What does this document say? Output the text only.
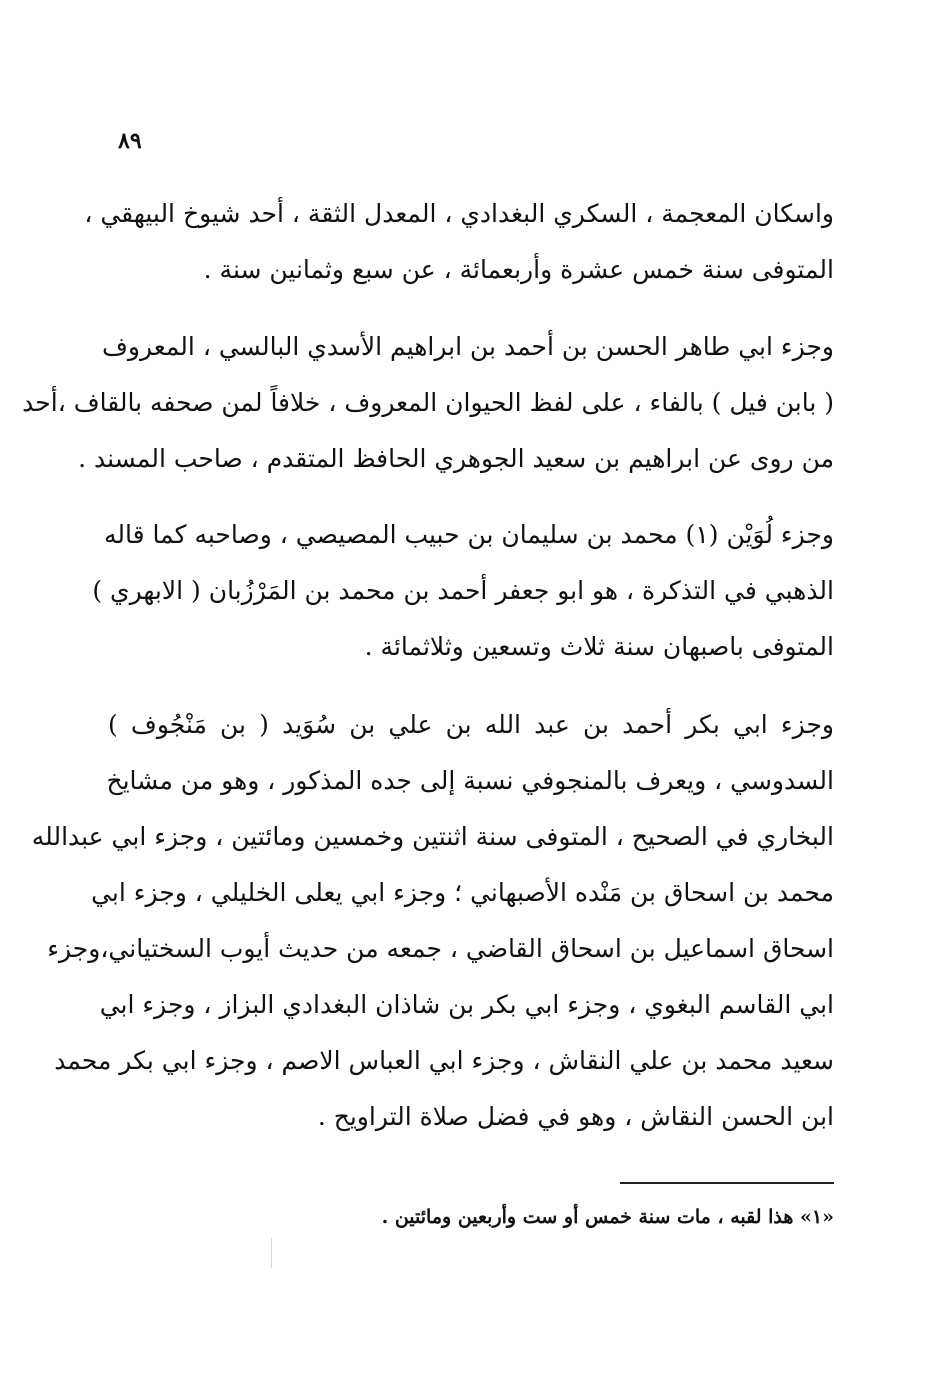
٨٩
واسكان المعجمة ، السكري البغدادي ، المعدل الثقة ، أحد شيوخ البيهقي ،
المتوفى سنة خمس عشرة وأربعمائة ، عن سبع وثمانين سنة .
وجزء ابي طاهر الحسن بن أحمد بن ابراهيم الأسدي البالسي ، المعروف
( بابن فيل ) بالفاء ، على لفظ الحيوان المعروف ، خلافاً لمن صحفه بالقاف ،أحد
من روى عن ابراهيم بن سعيد الجوهري الحافظ المتقدم ، صاحب المسند .
وجزء لُوَيْن (١) محمد بن سليمان بن حبيب المصيصي ، وصاحبه كما قاله
الذهبي في التذكرة ، هو ابو جعفر أحمد بن محمد بن المَرْزُبان ( الابهري )
المتوفى باصبهان سنة ثلاث وتسعين وثلاثمائة .
وجزء ابي بكر أحمد بن عبد الله بن علي بن سُوَيد ( بن مَنْجُوف )
السدوسي ، ويعرف بالمنجوفي نسبة إلى جده المذكور ، وهو من مشايخ
البخاري في الصحيح ، المتوفى سنة اثنتين وخمسين ومائتين ، وجزء ابي عبدالله
محمد بن اسحاق بن مَنْده الأصبهاني ؛ وجزء ابي يعلى الخليلي ، وجزء ابي
اسحاق اسماعيل بن اسحاق القاضي ، جمعه من حديث أيوب السختياني،وجزء
ابي القاسم البغوي ، وجزء ابي بكر بن شاذان البغدادي البزاز ، وجزء ابي
سعيد محمد بن علي النقاش ، وجزء ابي العباس الاصم ، وجزء ابي بكر محمد
ابن الحسن النقاش ، وهو في فضل صلاة التراويح .
«١» هذا لقبه ، مات سنة خمس أو ست وأربعين ومائتين .
